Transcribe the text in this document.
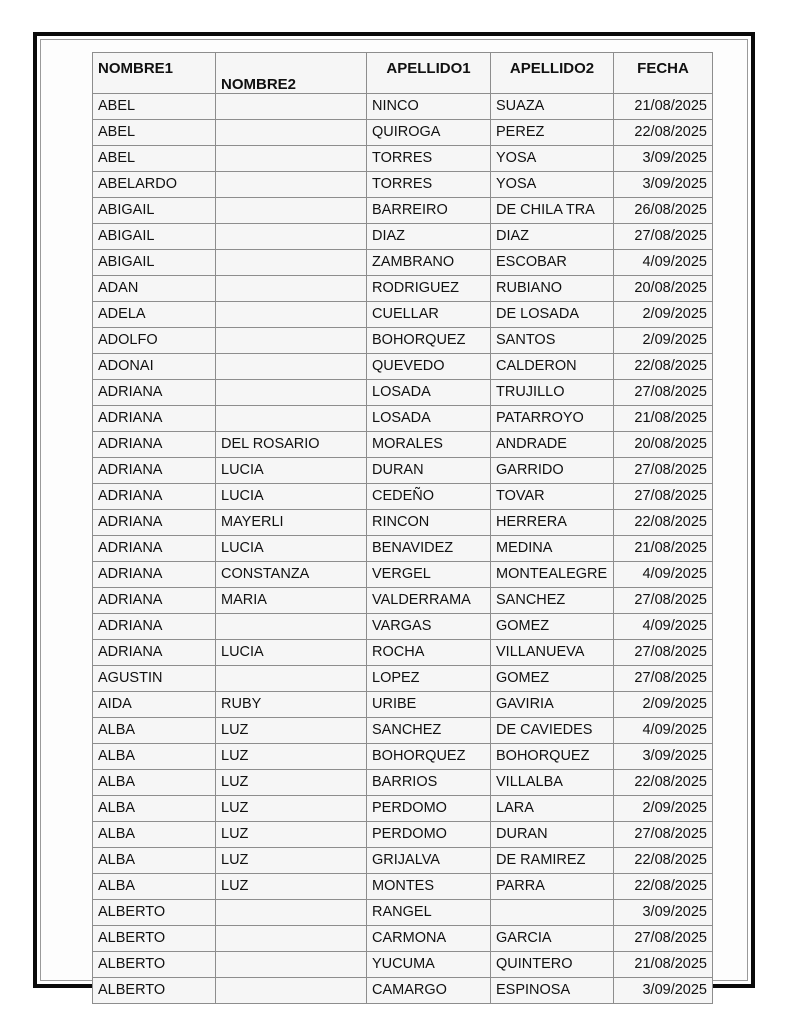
NOMBRE1	NOMBRE2	APELLIDO1	APELLIDO2	FECHA

ABEL		NINCO	SUAZA	21/08/2025
ABEL		QUIROGA	PEREZ	22/08/2025
ABEL		TORRES	YOSA	3/09/2025
ABELARDO		TORRES	YOSA	3/09/2025
ABIGAIL		BARREIRO	DE CHILA TRA	26/08/2025
ABIGAIL		DIAZ	DIAZ	27/08/2025
ABIGAIL		ZAMBRANO	ESCOBAR	4/09/2025
ADAN		RODRIGUEZ	RUBIANO	20/08/2025
ADELA		CUELLAR	DE LOSADA	2/09/2025
ADOLFO		BOHORQUEZ	SANTOS	2/09/2025
ADONAI		QUEVEDO	CALDERON	22/08/2025
ADRIANA		LOSADA	TRUJILLO	27/08/2025
ADRIANA		LOSADA	PATARROYO	21/08/2025
ADRIANA	DEL ROSARIO	MORALES	ANDRADE	20/08/2025
ADRIANA	LUCIA	DURAN	GARRIDO	27/08/2025
ADRIANA	LUCIA	CEDEÑO	TOVAR	27/08/2025
ADRIANA	MAYERLI	RINCON	HERRERA	22/08/2025
ADRIANA	LUCIA	BENAVIDEZ	MEDINA	21/08/2025
ADRIANA	CONSTANZA	VERGEL	MONTEALEGRE	4/09/2025
ADRIANA	MARIA	VALDERRAMA	SANCHEZ	27/08/2025
ADRIANA		VARGAS	GOMEZ	4/09/2025
ADRIANA	LUCIA	ROCHA	VILLANUEVA	27/08/2025
AGUSTIN		LOPEZ	GOMEZ	27/08/2025
AIDA	RUBY	URIBE	GAVIRIA	2/09/2025
ALBA	LUZ	SANCHEZ	DE CAVIEDES	4/09/2025
ALBA	LUZ	BOHORQUEZ	BOHORQUEZ	3/09/2025
ALBA	LUZ	BARRIOS	VILLALBA	22/08/2025
ALBA	LUZ	PERDOMO	LARA	2/09/2025
ALBA	LUZ	PERDOMO	DURAN	27/08/2025
ALBA	LUZ	GRIJALVA	DE RAMIREZ	22/08/2025
ALBA	LUZ	MONTES	PARRA	22/08/2025
ALBERTO		RANGEL		3/09/2025
ALBERTO		CARMONA	GARCIA	27/08/2025
ALBERTO		YUCUMA	QUINTERO	21/08/2025
ALBERTO		CAMARGO	ESPINOSA	3/09/2025
